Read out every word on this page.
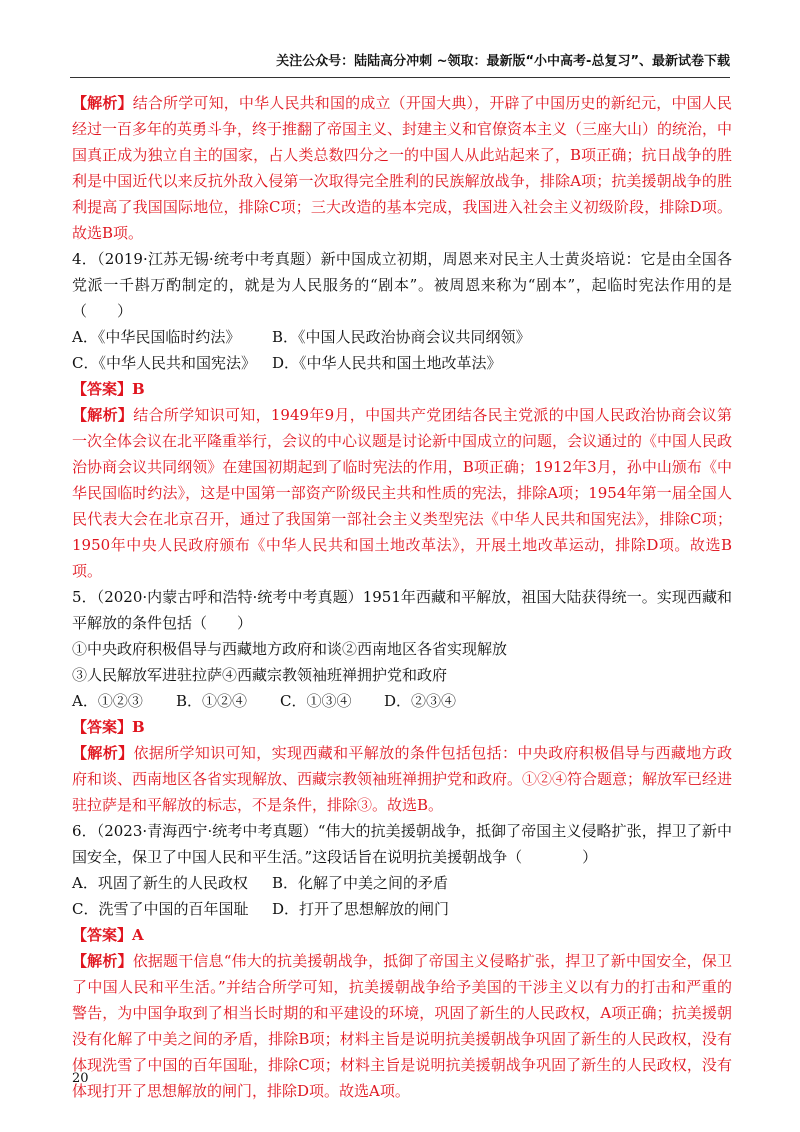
关注公众号：陆陆高分冲刺 ~领取：最新版“小中高考-总复习”、最新试卷下载

【解析】结合所学可知，中华人民共和国的成立（开国大典），开辟了中国历史的新纪元，中国人民经过一百多年的英勇斗争，终于推翻了帝国主义、封建主义和官僚资本主义（三座大山）的统治，中国真正成为独立自主的国家，占人类总数四分之一的中国人从此站起来了，B项正确；抗日战争的胜利是中国近代以来反抗外敌入侵第一次取得完全胜利的民族解放战争，排除A项；抗美援朝战争的胜利提高了我国国际地位，排除C项；三大改造的基本完成，我国进入社会主义初级阶段，排除D项。故选B项。

4．（2019·江苏无锡·统考中考真题）新中国成立初期，周恩来对民主人士黄炎培说：它是由全国各党派一千斟万酌制定的，就是为人民服务的“剧本”。被周恩来称为“剧本”，起临时宪法作用的是（　　）

A．《中华民国临时约法》	B．《中国人民政治协商会议共同纲领》
C．《中华人民共和国宪法》	D．《中华人民共和国土地改革法》

【答案】B

【解析】结合所学知识可知，1949年9月，中国共产党团结各民主党派的中国人民政治协商会议第一次全体会议在北平隆重举行，会议的中心议题是讨论新中国成立的问题，会议通过的《中国人民政治协商会议共同纲领》在建国初期起到了临时宪法的作用，B项正确；1912年3月，孙中山颁布《中华民国临时约法》，这是中国第一部资产阶级民主共和性质的宪法，排除A项；1954年第一届全国人民代表大会在北京召开，通过了我国第一部社会主义类型宪法《中华人民共和国宪法》，排除C项；1950年中央人民政府颁布《中华人民共和国土地改革法》，开展土地改革运动，排除D项。故选B项。

5．（2020·内蒙古呼和浩特·统考中考真题）1951年西藏和平解放，祖国大陆获得统一。实现西藏和平解放的条件包括（　　）

①中央政府积极倡导与西藏地方政府和谈②西南地区各省实现解放

③人民解放军进驻拉萨④西藏宗教领袖班禅拥护党和政府

A．①②③	B．①②④	C．①③④	D．②③④

【答案】B

【解析】依据所学知识可知，实现西藏和平解放的条件包括包括：中央政府积极倡导与西藏地方政府和谈、西南地区各省实现解放、西藏宗教领袖班禅拥护党和政府。①②④符合题意；解放军已经进驻拉萨是和平解放的标志，不是条件，排除③。故选B。

6．（2023·青海西宁·统考中考真题）“伟大的抗美援朝战争，抵御了帝国主义侵略扩张，捍卫了新中国安全，保卫了中国人民和平生活。”这段话旨在说明抗美援朝战争（　　　　）

A．巩固了新生的人民政权	B．化解了中美之间的矛盾
C．洗雪了中国的百年国耻	D．打开了思想解放的闸门

【答案】A

【解析】依据题干信息“伟大的抗美援朝战争，抵御了帝国主义侵略扩张，捍卫了新中国安全，保卫了中国人民和平生活。”并结合所学可知，抗美援朝战争给予美国的干涉主义以有力的打击和严重的警告，为中国争取到了相当长时期的和平建设的环境，巩固了新生的人民政权，A项正确；抗美援朝没有化解了中美之间的矛盾，排除B项；材料主旨是说明抗美援朝战争巩固了新生的人民政权，没有体现洗雪了中国的百年国耻，排除C项；材料主旨是说明抗美援朝战争巩固了新生的人民政权，没有体现打开了思想解放的闸门，排除D项。故选A项。

20
